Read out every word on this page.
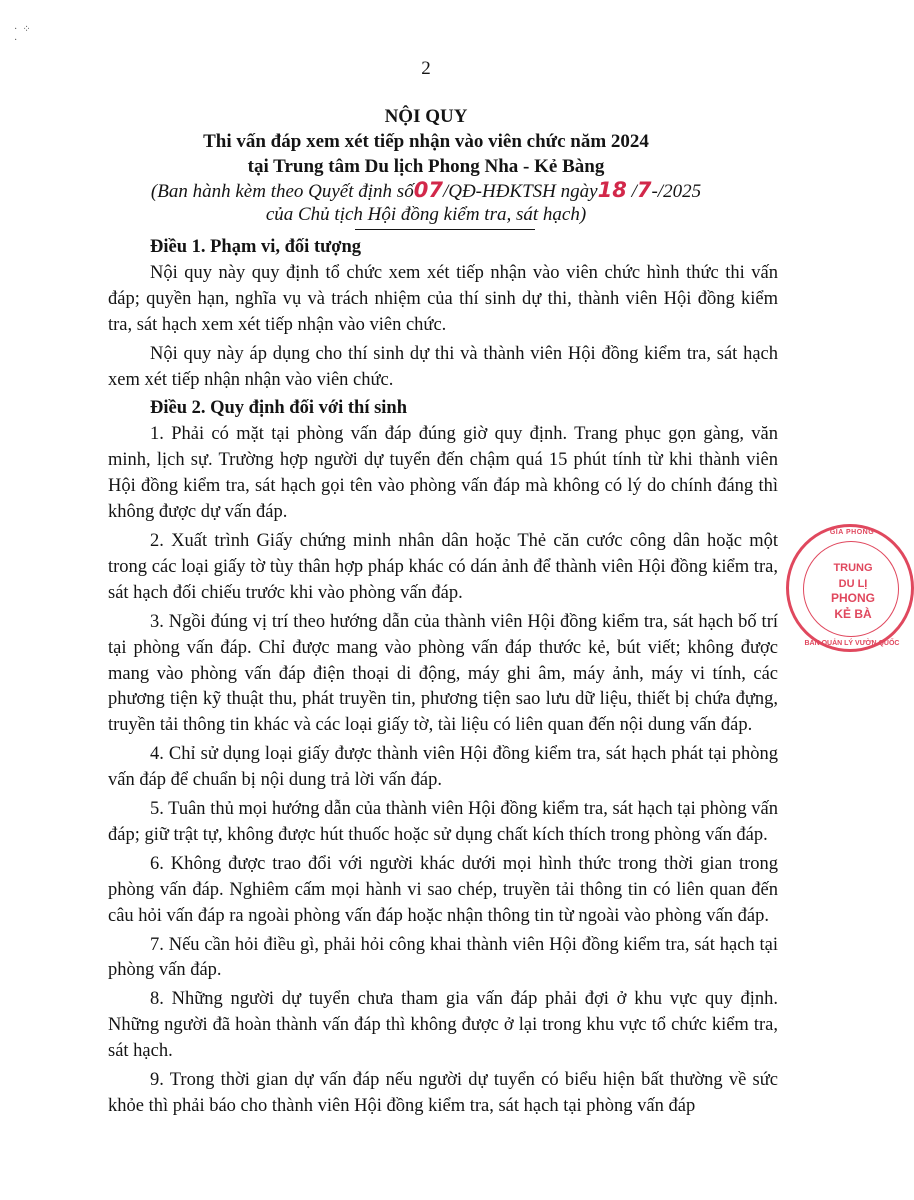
·  ⁘
·
2
NỘI QUY
Thi vấn đáp xem xét tiếp nhận vào viên chức năm 2024
tại Trung tâm Du lịch Phong Nha - Kẻ Bàng
(Ban hành kèm theo Quyết định số07/QĐ-HĐKTSH ngày18 /7-/2025
của Chủ tịch Hội đồng kiểm tra, sát hạch)

Điều 1. Phạm vi, đối tượng

Nội quy này quy định tổ chức xem xét tiếp nhận vào viên chức hình thức thi vấn đáp; quyền hạn, nghĩa vụ và trách nhiệm của thí sinh dự thi, thành viên Hội đồng kiểm tra, sát hạch xem xét tiếp nhận vào viên chức.

Nội quy này áp dụng cho thí sinh dự thi và thành viên Hội đồng kiểm tra, sát hạch xem xét tiếp nhận nhận vào viên chức.

Điều 2. Quy định đối với thí sinh

1. Phải có mặt tại phòng vấn đáp đúng giờ quy định. Trang phục gọn gàng, văn minh, lịch sự. Trường hợp người dự tuyển đến chậm quá 15 phút tính từ khi thành viên Hội đồng kiểm tra, sát hạch gọi tên vào phòng vấn đáp mà không có lý do chính đáng thì không được dự vấn đáp.

2. Xuất trình Giấy chứng minh nhân dân hoặc Thẻ căn cước công dân hoặc một trong các loại giấy tờ tùy thân hợp pháp khác có dán ảnh để thành viên Hội đồng kiểm tra, sát hạch đối chiếu trước khi vào phòng vấn đáp.

3. Ngồi đúng vị trí theo hướng dẫn của thành viên Hội đồng kiểm tra, sát hạch bố trí tại phòng vấn đáp. Chỉ được mang vào phòng vấn đáp thước kẻ, bút viết; không được mang vào phòng vấn đáp điện thoại di động, máy ghi âm, máy ảnh, máy vi tính, các phương tiện kỹ thuật thu, phát truyền tin, phương tiện sao lưu dữ liệu, thiết bị chứa đựng, truyền tải thông tin khác và các loại giấy tờ, tài liệu có liên quan đến nội dung vấn đáp.

4. Chỉ sử dụng loại giấy được thành viên Hội đồng kiểm tra, sát hạch phát tại phòng vấn đáp để chuẩn bị nội dung trả lời vấn đáp.

5. Tuân thủ mọi hướng dẫn của thành viên Hội đồng kiểm tra, sát hạch tại phòng vấn đáp; giữ trật tự, không được hút thuốc hoặc sử dụng chất kích thích trong phòng vấn đáp.

6. Không được trao đổi với người khác dưới mọi hình thức trong thời gian trong phòng vấn đáp. Nghiêm cấm mọi hành vi sao chép, truyền tải thông tin có liên quan đến câu hỏi vấn đáp ra ngoài phòng vấn đáp hoặc nhận thông tin từ ngoài vào phòng vấn đáp.

7. Nếu cần hỏi điều gì, phải hỏi công khai thành viên Hội đồng kiểm tra, sát hạch tại phòng vấn đáp.

8. Những người dự tuyển chưa tham gia vấn đáp phải đợi ở khu vực quy định. Những người đã hoàn thành vấn đáp thì không được ở lại trong khu vực tổ chức kiểm tra, sát hạch.

9. Trong thời gian dự vấn đáp nếu người dự tuyển có biểu hiện bất thường về sức khỏe thì phải báo cho thành viên Hội đồng kiểm tra, sát hạch tại phòng vấn đáp

GIA PHONG
TRUNG
DU LỊ
PHONG
KẺ BÀ
BAN QUẢN LÝ VƯỜN QUỐC
